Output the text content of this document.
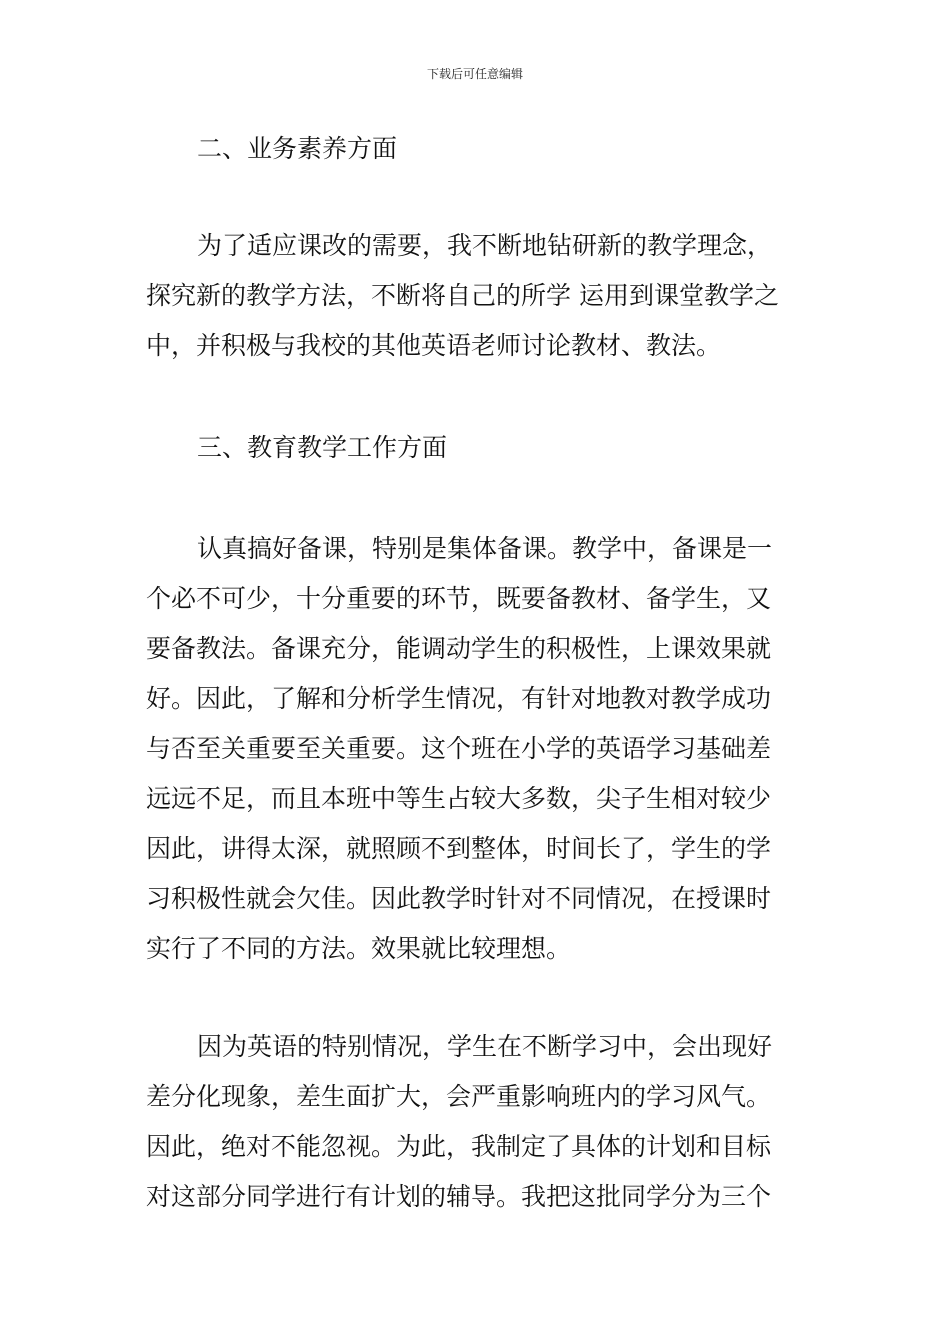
下载后可任意编辑
二、业务素养方面
为了适应课改的需要，我不断地钻研新的教学理念，
探究新的教学方法，不断将自己的所学 运用到课堂教学之
中，并积极与我校的其他英语老师讨论教材、教法。
三、教育教学工作方面
认真搞好备课，特别是集体备课。教学中，备课是一
个必不可少，十分重要的环节，既要备教材、备学生，又
要备教法。备课充分，能调动学生的积极性，上课效果就
好。因此，了解和分析学生情况，有针对地教对教学成功
与否至关重要至关重要。这个班在小学的英语学习基础差
远远不足，而且本班中等生占较大多数，尖子生相对较少
因此，讲得太深，就照顾不到整体，时间长了，学生的学
习积极性就会欠佳。因此教学时针对不同情况，在授课时
实行了不同的方法。效果就比较理想。
因为英语的特别情况，学生在不断学习中，会出现好
差分化现象，差生面扩大，会严重影响班内的学习风气。
因此，绝对不能忽视。为此，我制定了具体的计划和目标
对这部分同学进行有计划的辅导。我把这批同学分为三个
